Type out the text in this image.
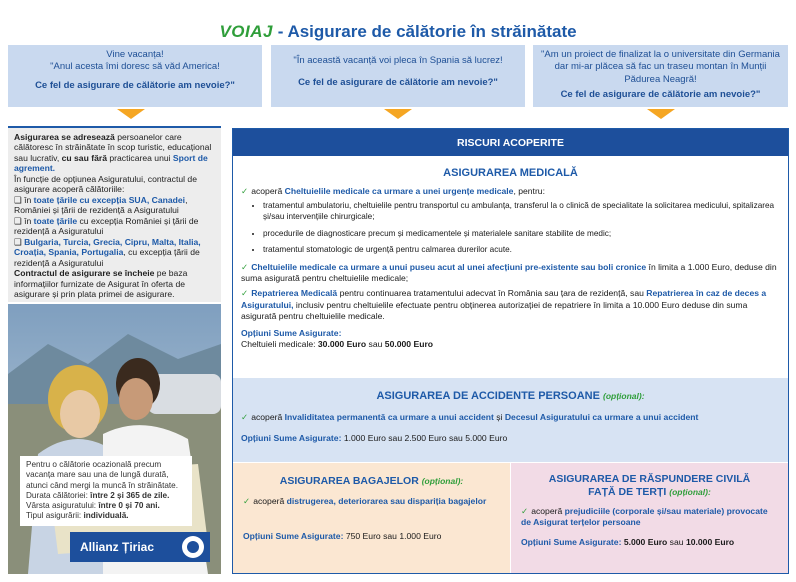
VOIAJ - Asigurare de călătorie în străinătate
Vine vacanța!
"Anul acesta îmi doresc să văd America!
Ce fel de asigurare de călătorie am nevoie?"
"În această vacanță voi pleca în Spania să lucrez!
Ce fel de asigurare de călătorie am nevoie?"
"Am un proiect de finalizat la o universitate din Germania dar mi-ar plăcea să fac un traseu montan în Munții Pădurea Neagră!
Ce fel de asigurare de călătorie am nevoie?"
Asigurarea se adresează persoanelor care călătoresc în străinătate în scop turistic, educațional sau lucrativ, cu sau fără practicarea unui Sport de agrement.
În funcție de opțiunea Asiguratului, contractul de asigurare acoperă călătoriile:
❑ în toate țările cu excepția SUA, Canadei, României și țării de rezidență a Asiguratului
❑ în toate țările cu excepția României și țării de rezidență a Asiguratului
❑ Bulgaria, Turcia, Grecia, Cipru, Malta, Italia, Croația, Spania, Portugalia, cu excepția țării de rezidență a Asiguratului
Contractul de asigurare se încheie pe baza informațiilor furnizate de Asigurat în oferta de asigurare și prin plata primei de asigurare.
Pentru o călătorie ocazională precum vacanța mare sau una de lungă durată, atunci când mergi la muncă în străinătate.
Durata călătoriei: între 2 și 365 de zile.
Vârsta asiguratului: între 0 și 70 ani.
Tipul asigurării: individuală.
Allianz Țiriac
RISCURI ACOPERITE
ASIGURAREA MEDICALĂ
✓ acoperă Cheltuielile medicale ca urmare a unei urgențe medicale, pentru:
• tratamentul ambulatoriu, cheltuielile pentru transportul cu ambulanța, transferul la o clinică de specialitate la solicitarea medicului, spitalizarea și/sau intervențiile chirurgicale;
• procedurile de diagnosticare precum și medicamentele și materialele sanitare stabilite de medic;
• tratamentul stomatologic de urgență pentru calmarea durerilor acute.
✓ Cheltuielile medicale ca urmare a unui puseu acut al unei afecțiuni pre-existente sau boli cronice în limita a 1.000 Euro, deduse din suma asigurată pentru cheltuielile medicale;
✓ Repatrierea Medicală pentru continuarea tratamentului adecvat în România sau țara de rezidență, sau Repatrierea în caz de deces a Asiguratului, inclusiv pentru cheltuielile efectuate pentru obținerea autorizației de repatriere în limita a 10.000 Euro deduse din suma asigurată pentru cheltuielile medicale.
Opțiuni Sume Asigurate:
Cheltuieli medicale: 30.000 Euro sau 50.000 Euro
ASIGURAREA DE ACCIDENTE PERSOANE (opțional):
✓ acoperă Invaliditatea permanentă ca urmare a unui accident și Decesul Asiguratului ca urmare a unui accident
Opțiuni Sume Asigurate: 1.000 Euro sau 2.500 Euro sau 5.000 Euro
ASIGURAREA BAGAJELOR (opțional):
✓ acoperă distrugerea, deteriorarea sau dispariția bagajelor
Opțiuni Sume Asigurate: 750 Euro sau 1.000 Euro
ASIGURAREA DE RĂSPUNDERE CIVILĂ
FAȚĂ DE TERȚI (opțional):
✓ acoperă prejudiciile (corporale și/sau materiale) provocate de Asigurat terțelor persoane
Opțiuni Sume Asigurate: 5.000 Euro sau 10.000 Euro
